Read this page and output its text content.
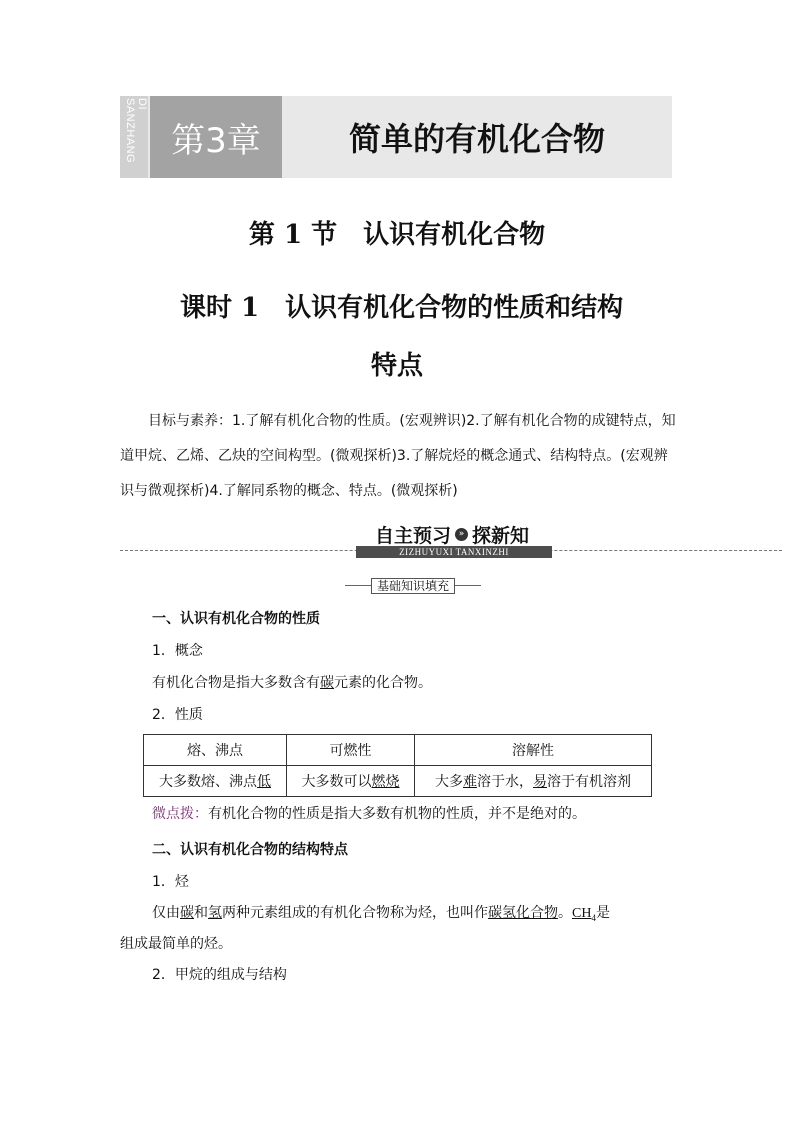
DI SANZHANG	第3章	简单的有机化合物
第 1 节　认识有机化合物
课时 1　认识有机化合物的性质和结构
特点
目标与素养：1.了解有机化合物的性质。(宏观辨识)2.了解有机化合物的成键特点，知道甲烷、乙烯、乙炔的空间构型。(微观探析)3.了解烷烃的概念通式、结构特点。(宏观辨识与微观探析)4.了解同系物的概念、特点。(微观探析)
自主预习 » 探新知
ZIZHUYUXI TANXINZHI
基础知识填充
一、认识有机化合物的性质
1．概念
有机化合物是指大多数含有碳元素的化合物。
2．性质
熔、沸点	可燃性	溶解性
大多数熔、沸点低	大多数可以燃烧	大多难溶于水，易溶于有机溶剂
微点拨：有机化合物的性质是指大多数有机物的性质，并不是绝对的。
二、认识有机化合物的结构特点
1．烃
仅由碳和氢两种元素组成的有机化合物称为烃，也叫作碳氢化合物。$CH_4$是
组成最简单的烃。
2．甲烷的组成与结构
